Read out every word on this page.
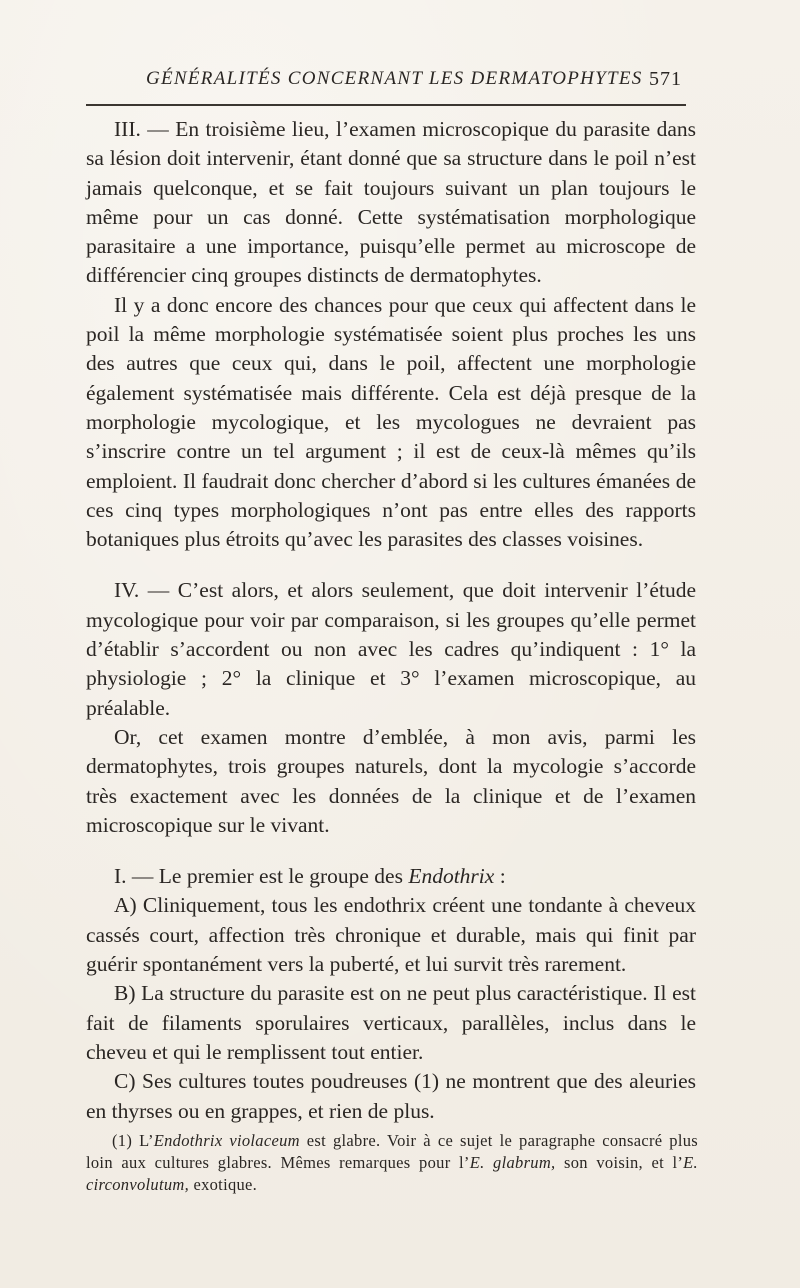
GÉNÉRALITÉS CONCERNANT LES DERMATOPHYTES 571

III. — En troisième lieu, l’examen microscopique du parasite dans sa lésion doit intervenir, étant donné que sa structure dans le poil n’est jamais quelconque, et se fait toujours suivant un plan toujours le même pour un cas donné. Cette systématisation morphologique parasitaire a une importance, puisqu’elle permet au microscope de différencier cinq groupes distincts de dermatophytes.

Il y a donc encore des chances pour que ceux qui affectent dans le poil la même morphologie systématisée soient plus proches les uns des autres que ceux qui, dans le poil, affectent une morphologie également systématisée mais différente. Cela est déjà presque de la morphologie mycologique, et les mycologues ne devraient pas s’inscrire contre un tel argument ; il est de ceux-là mêmes qu’ils emploient. Il faudrait donc chercher d’abord si les cultures émanées de ces cinq types morphologiques n’ont pas entre elles des rapports botaniques plus étroits qu’avec les parasites des classes voisines.

IV. — C’est alors, et alors seulement, que doit intervenir l’étude mycologique pour voir par comparaison, si les groupes qu’elle permet d’établir s’accordent ou non avec les cadres qu’indiquent : 1° la physiologie ; 2° la clinique et 3° l’examen microscopique, au préalable.

Or, cet examen montre d’emblée, à mon avis, parmi les dermatophytes, trois groupes naturels, dont la mycologie s’accorde très exactement avec les données de la clinique et de l’examen microscopique sur le vivant.

I. — Le premier est le groupe des Endothrix :

A) Cliniquement, tous les endothrix créent une tondante à cheveux cassés court, affection très chronique et durable, mais qui finit par guérir spontanément vers la puberté, et lui survit très rarement.

B) La structure du parasite est on ne peut plus caractéristique. Il est fait de filaments sporulaires verticaux, parallèles, inclus dans le cheveu et qui le remplissent tout entier.

C) Ses cultures toutes poudreuses (1) ne montrent que des aleuries en thyrses ou en grappes, et rien de plus.

(1) L’Endothrix violaceum est glabre. Voir à ce sujet le paragraphe consacré plus loin aux cultures glabres. Mêmes remarques pour l’E. glabrum, son voisin, et l’E. circonvolutum, exotique.
